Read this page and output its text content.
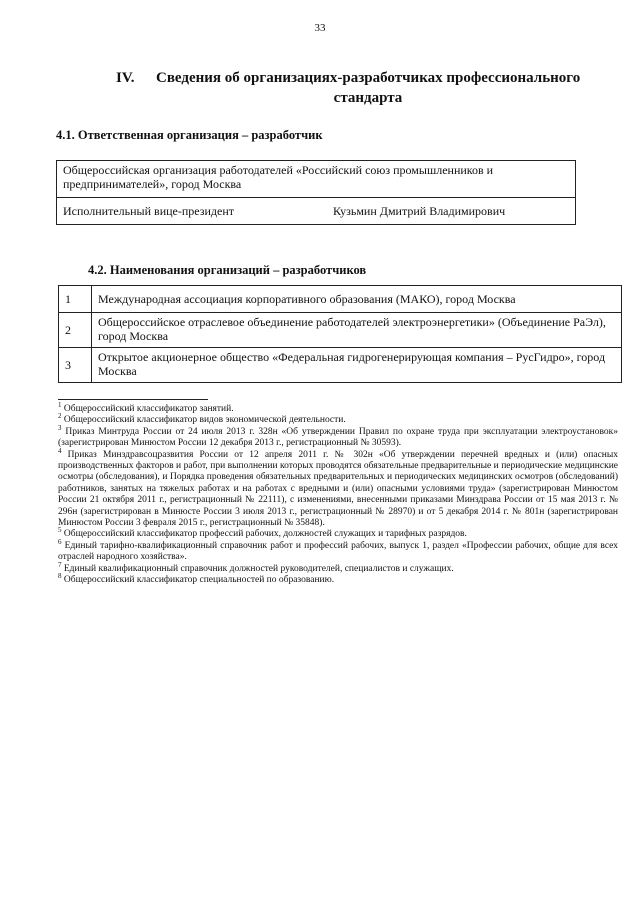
33
IV. Сведения об организациях-разработчиках профессионального
стандарта
4.1. Ответственная организация – разработчик
Общероссийская организация работодателей «Российский союз промышленников и предпринимателей», город Москва
Исполнительный вице-президент	Кузьмин Дмитрий Владимирович
4.2. Наименования организаций – разработчиков
1	Международная ассоциация корпоративного образования (МАКО), город Москва
2	Общероссийское отраслевое объединение работодателей электроэнергетики» (Объединение РаЭл), город Москва
3	Открытое акционерное общество «Федеральная гидрогенерирующая компания – РусГидро», город Москва

$^1$ Общероссийский классификатор занятий.

$^2$ Общероссийский классификатор видов экономической деятельности.

$^3$ Приказ Минтруда России от 24 июля 2013 г. 328н «Об утверждении Правил по охране труда при эксплуатации электроустановок» (зарегистрирован Минюстом России 12 декабря 2013 г., регистрационный № 30593).

$^4$ Приказ Минздравсоцразвития России от 12 апреля 2011 г. № 302н «Об утверждении перечней вредных и (или) опасных производственных факторов и работ, при выполнении которых проводятся обязательные предварительные и периодические медицинские осмотры (обследования), и Порядка проведения обязательных предварительных и периодических медицинских осмотров (обследований) работников, занятых на тяжелых работах и на работах с вредными и (или) опасными условиями труда» (зарегистрирован Минюстом России 21 октября 2011 г., регистрационный № 22111), с изменениями, внесенными приказами Минздрава России от 15 мая 2013 г. № 296н (зарегистрирован в Минюсте России 3 июля 2013 г., регистрационный № 28970) и от 5 декабря 2014 г. № 801н (зарегистрирован Минюстом России 3 февраля 2015 г., регистрационный № 35848).

$^5$ Общероссийский классификатор профессий рабочих, должностей служащих и тарифных разрядов.

$^6$ Единый тарифно-квалификационный справочник работ и профессий рабочих, выпуск 1, раздел «Профессии рабочих, общие для всех отраслей народного хозяйства».

$^7$ Единый квалификационный справочник должностей руководителей, специалистов и служащих.

$^8$ Общероссийский классификатор специальностей по образованию.
